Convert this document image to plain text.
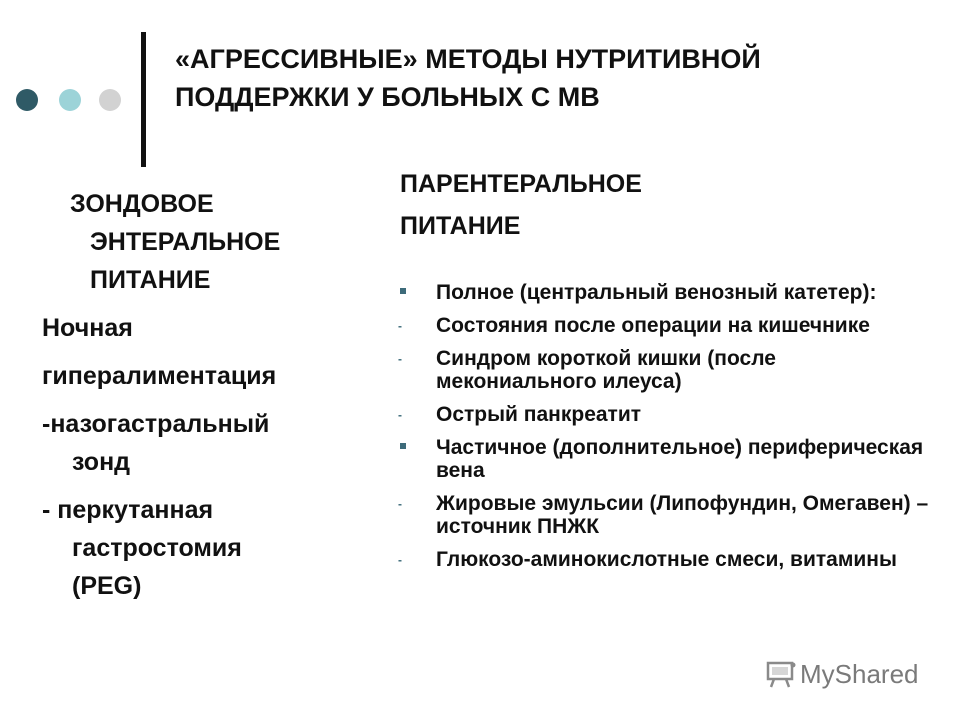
«АГРЕССИВНЫЕ» МЕТОДЫ НУТРИТИВНОЙ
ПОДДЕРЖКИ У БОЛЬНЫХ С МВ
ЗОНДОВОЕ
ЭНТЕРАЛЬНОЕ
ПИТАНИЕ
Ночная
гипералиментация
-назогастральный
зонд
- перкутанная
гастростомия
(PEG)
ПАРЕНТЕРАЛЬНОЕ
ПИТАНИЕ
Полное (центральный венозный катетер):
- Состояния после операции на кишечнике
- Синдром короткой кишки (после мекониального илеуса)
- Острый панкреатит
Частичное (дополнительное) периферическая вена
- Жировые эмульсии (Липофундин, Омегавен) – источник ПНЖК
- Глюкозо-аминокислотные смеси, витамины
MyShared
